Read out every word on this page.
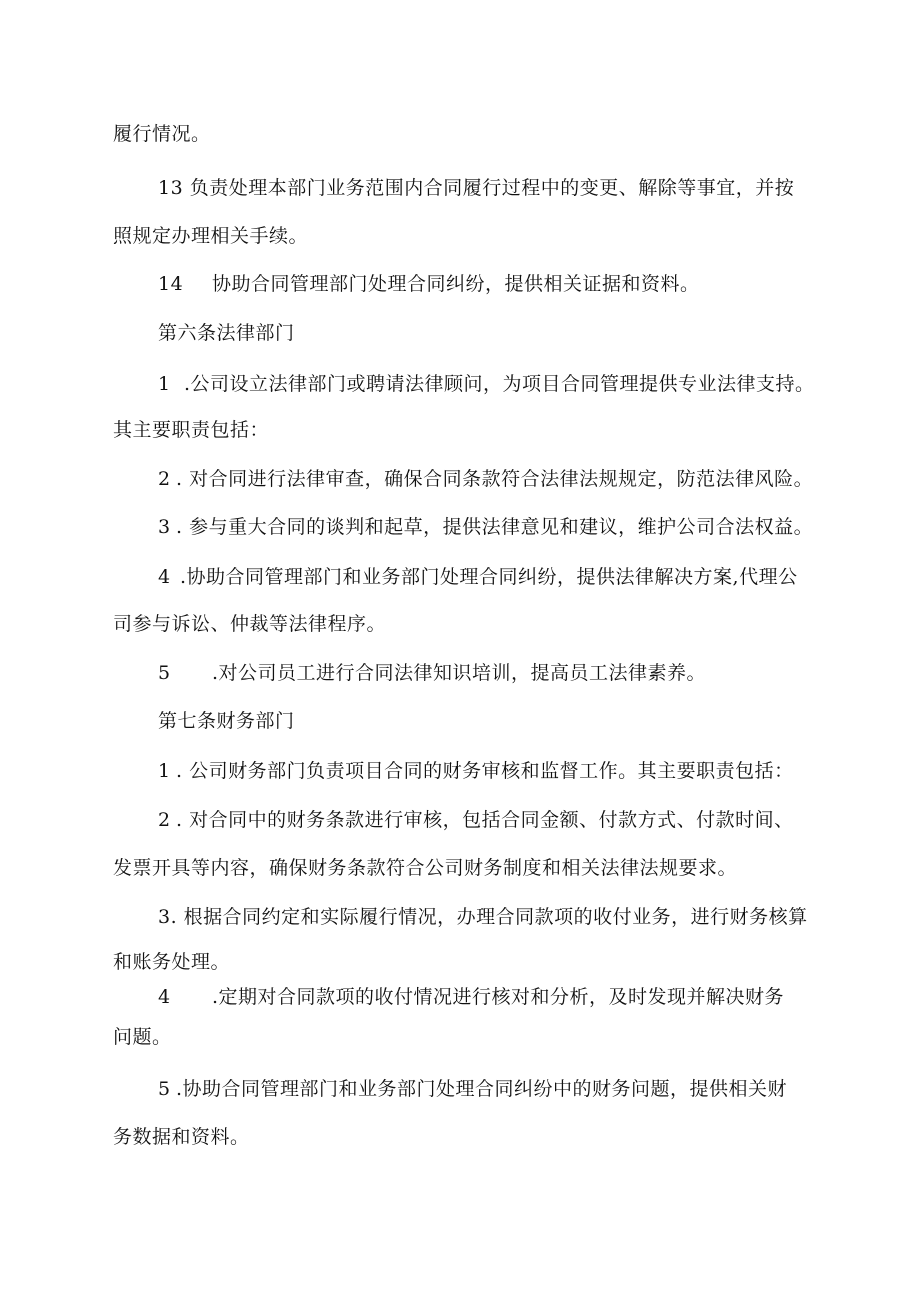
履行情况。
13 负责处理本部门业务范围内合同履行过程中的变更、解除等事宜，并按
照规定办理相关手续。
14 协助合同管理部门处理合同纠纷，提供相关证据和资料。
第六条法律部门
1 .公司设立法律部门或聘请法律顾问，为项目合同管理提供专业法律支持。
其主要职责包括：
2 . 对合同进行法律审查，确保合同条款符合法律法规规定，防范法律风险。
3 . 参与重大合同的谈判和起草，提供法律意见和建议，维护公司合法权益。
4 .协助合同管理部门和业务部门处理合同纠纷，提供法律解决方案,代理公
司参与诉讼、仲裁等法律程序。
5 .对公司员工进行合同法律知识培训，提高员工法律素养。
第七条财务部门
1 . 公司财务部门负责项目合同的财务审核和监督工作。其主要职责包括：
2 . 对合同中的财务条款进行审核，包括合同金额、付款方式、付款时间、
发票开具等内容，确保财务条款符合公司财务制度和相关法律法规要求。
3. 根据合同约定和实际履行情况，办理合同款项的收付业务，进行财务核算
和账务处理。
4 .定期对合同款项的收付情况进行核对和分析，及时发现并解决财务
问题。
5 .协助合同管理部门和业务部门处理合同纠纷中的财务问题，提供相关财
务数据和资料。
